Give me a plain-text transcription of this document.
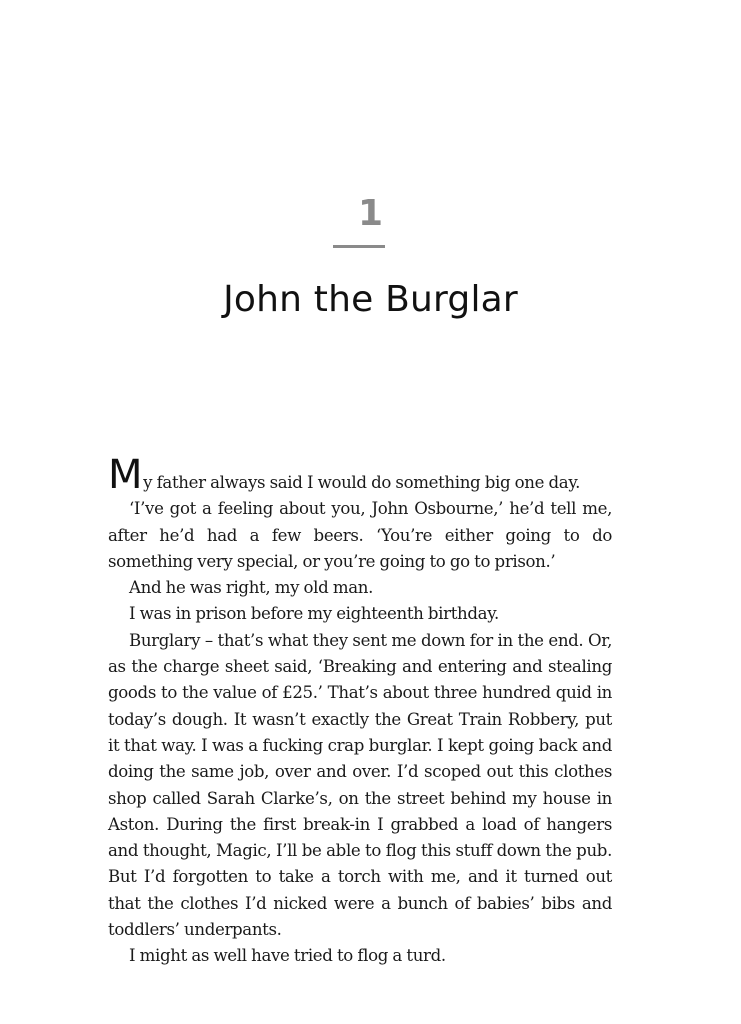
1
John the Burglar

My father always said I would do something big one day.

‘I’ve got a feeling about you, John Osbourne,’ he’d tell me, after he’d had a few beers. ‘You’re either going to do something very special, or you’re going to go to prison.’

And he was right, my old man.

I was in prison before my eighteenth birthday.

Burglary – that’s what they sent me down for in the end. Or, as the charge sheet said, ‘Breaking and entering and stealing goods to the value of £25.’ That’s about three hundred quid in today’s dough. It wasn’t exactly the Great Train Robbery, put it that way. I was a fucking crap burglar. I kept going back and doing the same job, over and over. I’d scoped out this clothes shop called Sarah Clarke’s, on the street behind my house in Aston. During the first break-in I grabbed a load of hangers and thought, Magic, I’ll be able to flog this stuff down the pub. But I’d forgotten to take a torch with me, and it turned out that the clothes I’d nicked were a bunch of babies’ bibs and toddlers’ underpants.

I might as well have tried to flog a turd.
